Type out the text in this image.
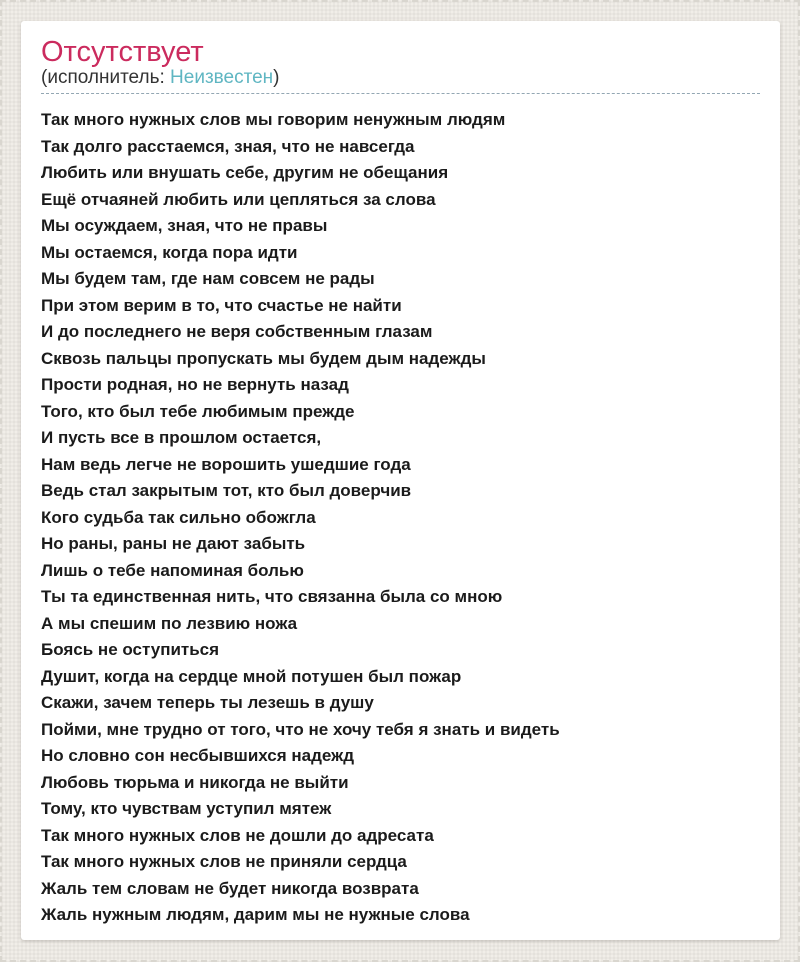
Отсутствует

(исполнитель: Неизвестен)

Так много нужных слов мы говорим ненужным людям
Так долго расстаемся, зная, что не навсегда
Любить или внушать себе, другим не обещания
Ещё отчаяней любить или цепляться за слова
Мы осуждаем, зная, что не правы
Мы остаемся, когда пора идти
Мы будем там, где нам совсем не рады
При этом верим в то, что счастье не найти
И до последнего не веря собственным глазам
Сквозь пальцы пропускать мы будем дым надежды
Прости родная, но не вернуть назад
Того, кто был тебе любимым прежде
И пусть все в прошлом остается,
Нам ведь легче не ворошить ушедшие года
Ведь стал закрытым тот, кто был доверчив
Кого судьба так сильно обожгла
Но раны, раны не дают забыть
Лишь о тебе напоминая болью
Ты та единственная нить, что связанна была со мною
А мы спешим по лезвию ножа
Боясь не оступиться
Душит, когда на сердце мной потушен был пожар
Скажи, зачем теперь ты лезешь в душу
Пойми, мне трудно от того, что не хочу тебя я знать и видеть
Но словно сон несбывшихся надежд
Любовь тюрьма и никогда не выйти
Тому, кто чувствам уступил мятеж
Так много нужных слов не дошли до адресата
Так много нужных слов не приняли сердца
Жаль тем словам не будет никогда возврата
Жаль нужным людям, дарим мы не нужные слова
